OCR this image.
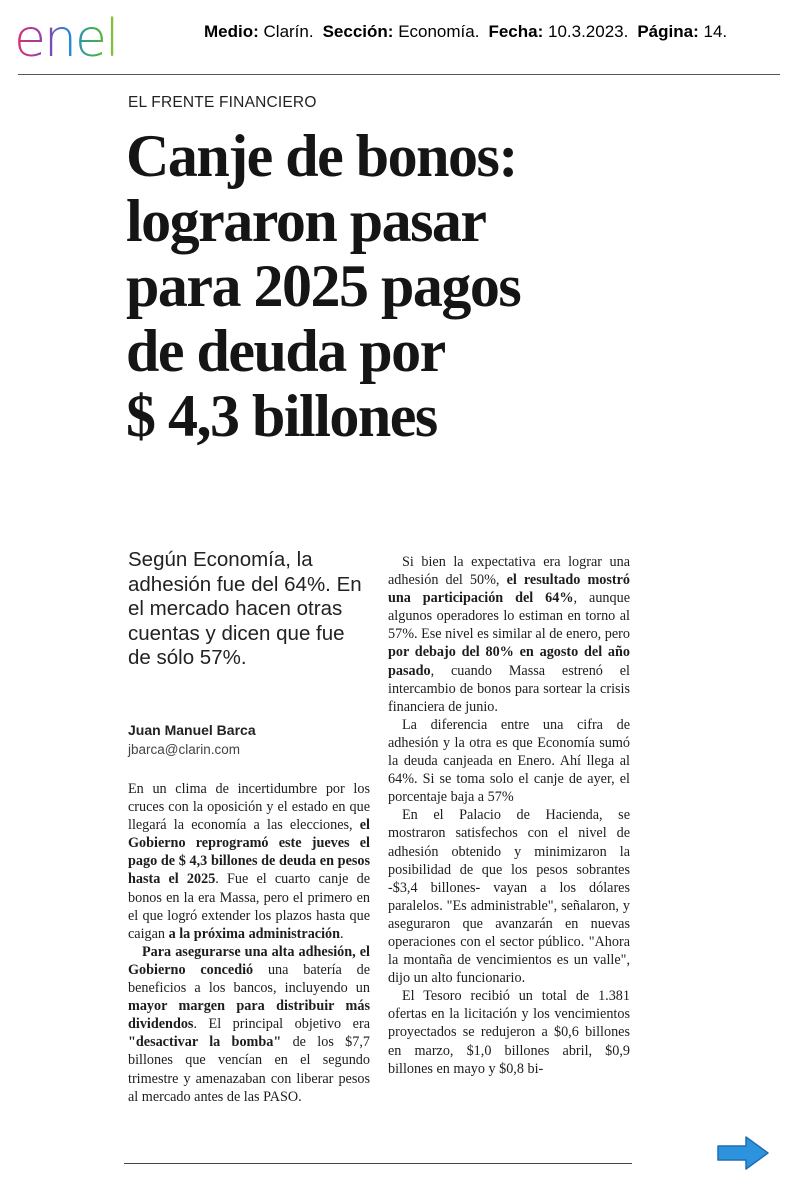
enel	Medio: Clarín. Sección: Economía. Fecha: 10.3.2023. Página: 14.
EL FRENTE FINANCIERO
Canje de bonos:
lograron pasar
para 2025 pagos
de deuda por
$ 4,3 billones
Según Economía, la adhesión fue del 64%. En el mercado hacen otras cuentas y dicen que fue de sólo 57%.
Juan Manuel Barca
jbarca@clarin.com

En un clima de incertidumbre por los cruces con la oposición y el estado en que llegará la economía a las elecciones, el Gobierno reprogramó este jueves el pago de $ 4,3 billones de deuda en pesos hasta el 2025. Fue el cuarto canje de bonos en la era Massa, pero el primero en el que logró extender los plazos hasta que caigan a la próxima administración.

Para asegurarse una alta adhesión, el Gobierno concedió una batería de beneficios a los bancos, incluyendo un mayor margen para distribuir más dividendos. El principal objetivo era "desactivar la bomba" de los $7,7 billones que vencían en el segundo trimestre y amenazaban con liberar pesos al mercado antes de las PASO.

Si bien la expectativa era lograr una adhesión del 50%, el resultado mostró una participación del 64%, aunque algunos operadores lo estiman en torno al 57%. Ese nivel es similar al de enero, pero por debajo del 80% en agosto del año pasado, cuando Massa estrenó el intercambio de bonos para sortear la crisis financiera de junio.

La diferencia entre una cifra de adhesión y la otra es que Economía sumó la deuda canjeada en Enero. Ahí llega al 64%. Si se toma solo el canje de ayer, el porcentaje baja a 57%

En el Palacio de Hacienda, se mostraron satisfechos con el nivel de adhesión obtenido y minimizaron la posibilidad de que los pesos sobrantes -$3,4 billones- vayan a los dólares paralelos. "Es administrable", señalaron, y aseguraron que avanzarán en nuevas operaciones con el sector público. "Ahora la montaña de vencimientos es un valle", dijo un alto funcionario.

El Tesoro recibió un total de 1.381 ofertas en la licitación y los vencimientos proyectados se redujeron a $0,6 billones en marzo, $1,0 billones abril, $0,9 billones en mayo y $0,8 bi-
